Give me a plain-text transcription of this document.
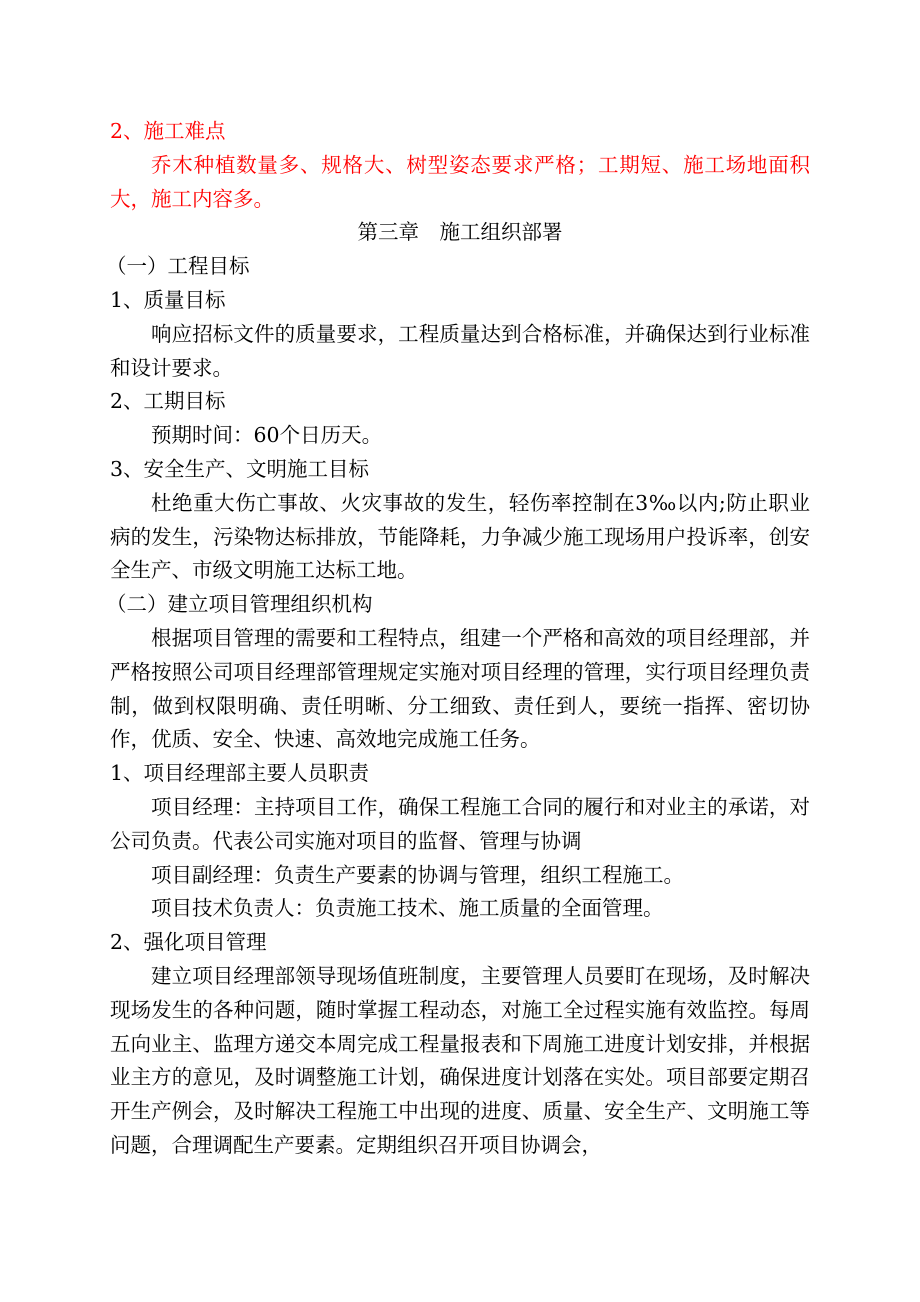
2、施工难点

乔木种植数量多、规格大、树型姿态要求严格；工期短、施工场地面积大，施工内容多。

第三章　施工组织部署

（一）工程目标

1、质量目标

响应招标文件的质量要求，工程质量达到合格标准，并确保达到行业标准和设计要求。

2、工期目标

预期时间：60个日历天。

3、安全生产、文明施工目标

杜绝重大伤亡事故、火灾事故的发生，轻伤率控制在3‰以内;防止职业病的发生，污染物达标排放，节能降耗，力争减少施工现场用户投诉率，创安全生产、市级文明施工达标工地。

（二）建立项目管理组织机构

根据项目管理的需要和工程特点，组建一个严格和高效的项目经理部，并严格按照公司项目经理部管理规定实施对项目经理的管理，实行项目经理负责制，做到权限明确、责任明晰、分工细致、责任到人，要统一指挥、密切协作，优质、安全、快速、高效地完成施工任务。

1、项目经理部主要人员职责

项目经理：主持项目工作，确保工程施工合同的履行和对业主的承诺，对公司负责。代表公司实施对项目的监督、管理与协调

项目副经理：负责生产要素的协调与管理，组织工程施工。

项目技术负责人：负责施工技术、施工质量的全面管理。

2、强化项目管理

建立项目经理部领导现场值班制度，主要管理人员要盯在现场，及时解决现场发生的各种问题，随时掌握工程动态，对施工全过程实施有效监控。每周五向业主、监理方递交本周完成工程量报表和下周施工进度计划安排，并根据业主方的意见，及时调整施工计划，确保进度计划落在实处。项目部要定期召开生产例会，及时解决工程施工中出现的进度、质量、安全生产、文明施工等问题，合理调配生产要素。定期组织召开项目协调会，
